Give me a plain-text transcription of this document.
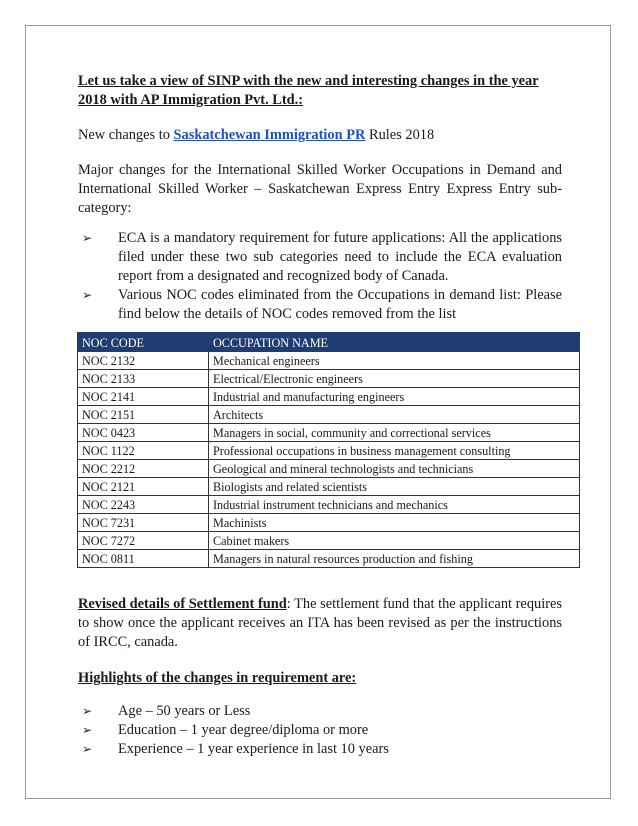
Let us take a view of SINP with the new and interesting changes in the year 2018 with AP Immigration Pvt. Ltd.:

New changes to Saskatchewan Immigration PR Rules 2018

Major changes for the International Skilled Worker Occupations in Demand and International Skilled Worker – Saskatchewan Express Entry Express Entry sub-category:

➢ ECA is a mandatory requirement for future applications: All the applications filed under these two sub categories need to include the ECA evaluation report from a designated and recognized body of Canada.
➢ Various NOC codes eliminated from the Occupations in demand list: Please find below the details of NOC codes removed from the list
NOC CODE	OCCUPATION NAME
NOC 2132	Mechanical engineers
NOC 2133	Electrical/Electronic engineers
NOC 2141	Industrial and manufacturing engineers
NOC 2151	Architects
NOC 0423	Managers in social, community and correctional services
NOC 1122	Professional occupations in business management consulting
NOC 2212	Geological and mineral technologists and technicians
NOC 2121	Biologists and related scientists
NOC 2243	Industrial instrument technicians and mechanics
NOC 7231	Machinists
NOC 7272	Cabinet makers
NOC 0811	Managers in natural resources production and fishing

Revised details of Settlement fund: The settlement fund that the applicant requires to show once the applicant receives an ITA has been revised as per the instructions of IRCC, canada.

Highlights of the changes in requirement are:

➢ Age – 50 years or Less
➢ Education – 1 year degree/diploma or more
➢ Experience – 1 year experience in last 10 years
